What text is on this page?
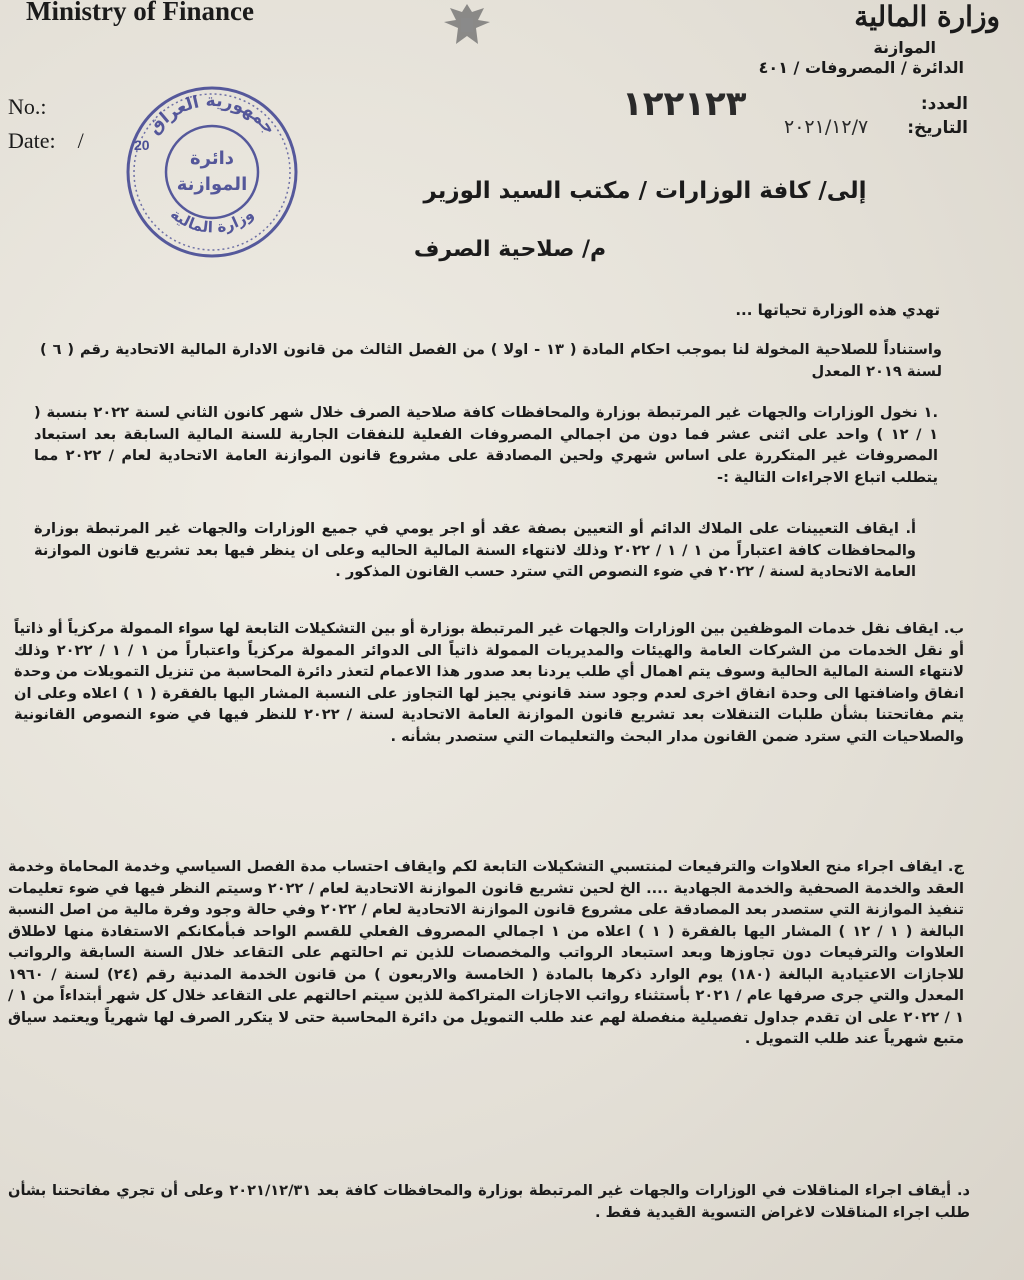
Ministry of Finance
No.:
Date: /
وزارة المالية
الموازنة
الدائرة / المصروفات / ٤٠١
العدد:
التاريخ:
١٢٢١٢٣
٢٠٢١/١٢/٧
جمهورية العراق
وزارة المالية
دائرة
الموازنة
20
إلى/ كافة الوزارات / مكتب السيد الوزير
م/ صلاحية الصرف
تهدي هذه الوزارة تحياتها ...
واستناداً للصلاحية المخولة لنا بموجب احكام المادة ( ١٣ - اولا ) من الفصل الثالث من قانون الادارة المالية الاتحادية رقم ( ٦ ) لسنة ٢٠١٩ المعدل
.١ نخول الوزارات والجهات غير المرتبطة بوزارة والمحافظات كافة صلاحية الصرف خلال شهر كانون الثاني لسنة ٢٠٢٢ بنسبة ( ١ / ١٢ ) واحد على اثنى عشر فما دون من اجمالي المصروفات الفعلية للنفقات الجارية للسنة المالية السابقة بعد استبعاد المصروفات غير المتكررة على اساس شهري ولحين المصادقة على مشروع قانون الموازنة العامة الاتحادية لعام / ٢٠٢٢ مما يتطلب اتباع الاجراءات التالية :-
أ. ايقاف التعيينات على الملاك الدائم أو التعيين بصفة عقد أو اجر يومي في جميع الوزارات والجهات غير المرتبطة بوزارة والمحافظات كافة اعتباراً من ١ / ١ / ٢٠٢٢ وذلك لانتهاء السنة المالية الحاليه وعلى ان ينظر فيها بعد تشريع قانون الموازنة العامة الاتحادية لسنة / ٢٠٢٢ في ضوء النصوص التي سترد حسب القانون المذكور .
ب. ايقاف نقل خدمات الموظفين بين الوزارات والجهات غير المرتبطة بوزارة أو بين التشكيلات التابعة لها سواء الممولة مركزياً أو ذاتياً أو نقل الخدمات من الشركات العامة والهيئات والمديريات الممولة ذاتياً الى الدوائر الممولة مركزياً واعتباراً من ١ / ١ / ٢٠٢٢ وذلك لانتهاء السنة المالية الحالية وسوف يتم اهمال أي طلب يردنا بعد صدور هذا الاعمام لتعذر دائرة المحاسبة من تنزيل التمويلات من وحدة انفاق واضافتها الى وحدة انفاق اخرى لعدم وجود سند قانوني يجيز لها التجاوز على النسبة المشار اليها بالفقرة ( ١ ) اعلاه وعلى ان يتم مفاتحتنا بشأن طلبات التنقلات بعد تشريع قانون الموازنة العامة الاتحادية لسنة / ٢٠٢٢ للنظر فيها في ضوء النصوص القانونية والصلاحيات التي سترد ضمن القانون مدار البحث والتعليمات التي ستصدر بشأنه .
ج. ايقاف اجراء منح العلاوات والترفيعات لمنتسبي التشكيلات التابعة لكم وايقاف احتساب مدة الفصل السياسي وخدمة المحاماة وخدمة العقد والخدمة الصحفية والخدمة الجهادية .... الخ لحين تشريع قانون الموازنة الاتحادية لعام / ٢٠٢٢ وسيتم النظر فيها في ضوء تعليمات تنفيذ الموازنة التي ستصدر بعد المصادقة على مشروع قانون الموازنة الاتحادية لعام / ٢٠٢٢ وفي حالة وجود وفرة مالية من اصل النسبة البالغة ( ١ / ١٢ ) المشار اليها بالفقرة ( ١ ) اعلاه من ١ اجمالي المصروف الفعلي للقسم الواحد فبأمكانكم الاستفادة منها لاطلاق العلاوات والترفيعات دون تجاوزها وبعد استبعاد الرواتب والمخصصات للذين تم احالتهم على التقاعد خلال السنة السابقة والرواتب للاجازات الاعتيادية البالغة (١٨٠) يوم الوارد ذكرها بالمادة ( الخامسة والاربعون ) من قانون الخدمة المدنية رقم (٢٤) لسنة / ١٩٦٠ المعدل والتي جرى صرفها عام / ٢٠٢١ بأستثناء رواتب الاجازات المتراكمة للذين سيتم احالتهم على التقاعد خلال كل شهر أبتداءاً من ١ / ١ / ٢٠٢٢ على ان تقدم جداول تفصيلية منفصلة لهم عند طلب التمويل من دائرة المحاسبة حتى لا يتكرر الصرف لها شهرياً ويعتمد سياق متبع شهرياً عند طلب التمويل .
د. أيقاف اجراء المناقلات في الوزارات والجهات غير المرتبطة بوزارة والمحافظات كافة بعد ٢٠٢١/١٢/٣١ وعلى أن تجري مفاتحتنا بشأن طلب اجراء المناقلات لاغراض التسوية القيدية فقط .
